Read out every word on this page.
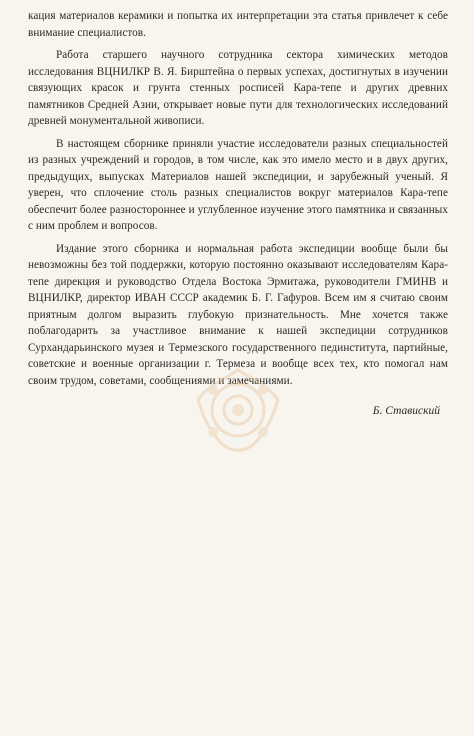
кация материалов керамики и попытка их интерпретации эта статья привлечет к себе внимание специалистов.

Работа старшего научного сотрудника сектора химических методов исследования ВЦНИЛКР В. Я. Бирштейна о первых успехах, достигнутых в изучении связующих красок и грунта стенных росписей Кара-тепе и других древних памятников Средней Азии, открывает новые пути для технологических исследований древней монументальной живописи.

В настоящем сборнике приняли участие исследователи разных специальностей из разных учреждений и городов, в том числе, как это имело место и в двух других, предыдущих, выпусках Материалов нашей экспедиции, и зарубежный ученый. Я уверен, что сплочение столь разных специалистов вокруг материалов Кара-тепе обеспечит более разностороннее и углубленное изучение этого памятника и связанных с ним проблем и вопросов.

Издание этого сборника и нормальная работа экспедиции вообще были бы невозможны без той поддержки, которую постоянно оказывают исследователям Кара-тепе дирекция и руководство Отдела Востока Эрмитажа, руководители ГМИНВ и ВЦНИЛКР, директор ИВАН СССР академик Б. Г. Гафуров. Всем им я считаю своим приятным долгом выразить глубокую признательность. Мне хочется также поблагодарить за участливое внимание к нашей экспедиции сотрудников Сурхандарьинского музея и Термезского государственного пединститута, партийные, советские и военные организации г. Термеза и вообще всех тех, кто помогал нам своим трудом, советами, сообщениями и замечаниями.

Б. Ставиский
